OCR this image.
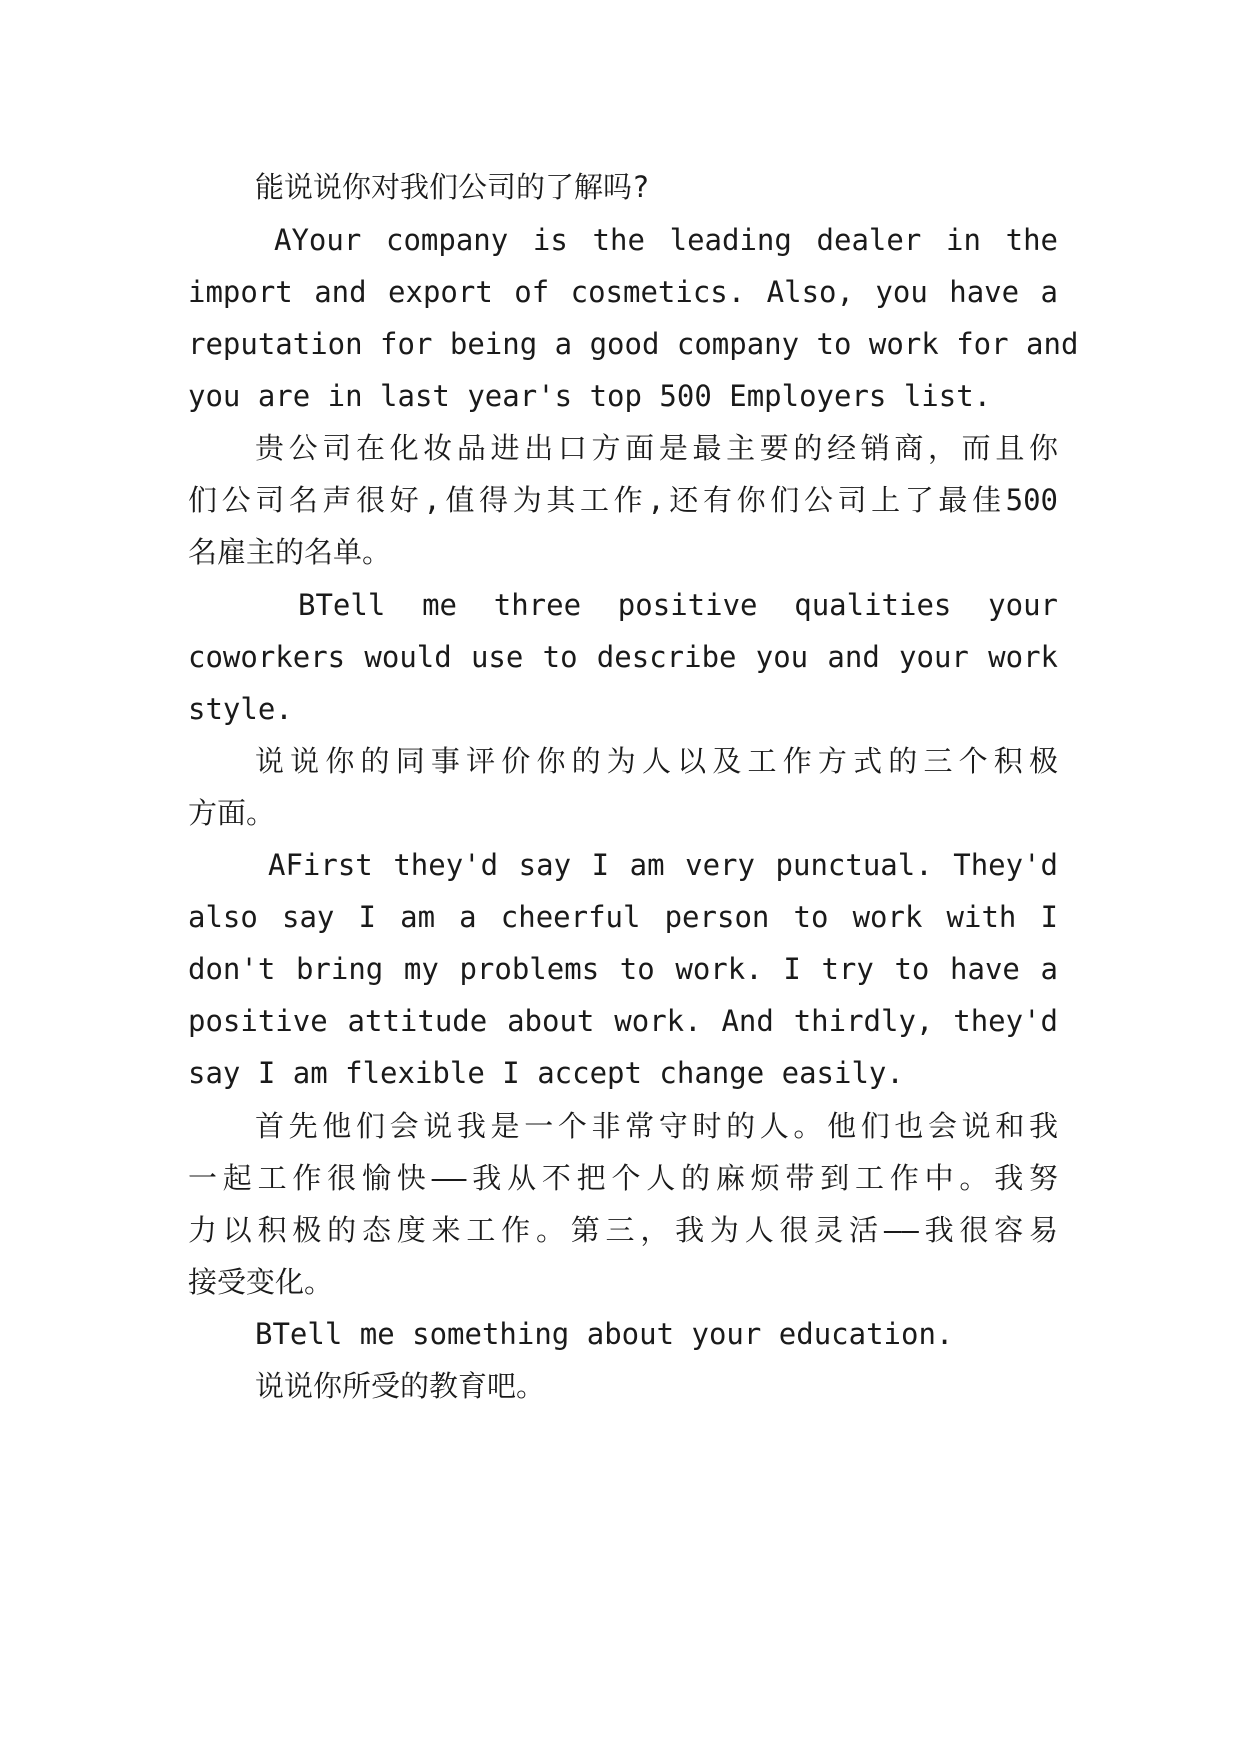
能说说你对我们公司的了解吗?
AYour company is the leading dealer in the
import and export of cosmetics. Also, you have a
reputation for being a good company to work for and
you are in last year's top 500 Employers list.
贵公司在化妆品进出口方面是最主要的经销商，而且你
们公司名声很好,值得为其工作,还有你们公司上了最佳500
名雇主的名单。
BTell me three positive qualities your
coworkers would use to describe you and your work
style.
说说你的同事评价你的为人以及工作方式的三个积极
方面。
AFirst they'd say I am very punctual. They'd
also say I am a cheerful person to work with I
don't bring my problems to work. I try to have a
positive attitude about work. And thirdly, they'd
say I am flexible I accept change easily.
首先他们会说我是一个非常守时的人。他们也会说和我
一起工作很愉快——我从不把个人的麻烦带到工作中。我努
力以积极的态度来工作。第三，我为人很灵活——我很容易
接受变化。
BTell me something about your education.
说说你所受的教育吧。
